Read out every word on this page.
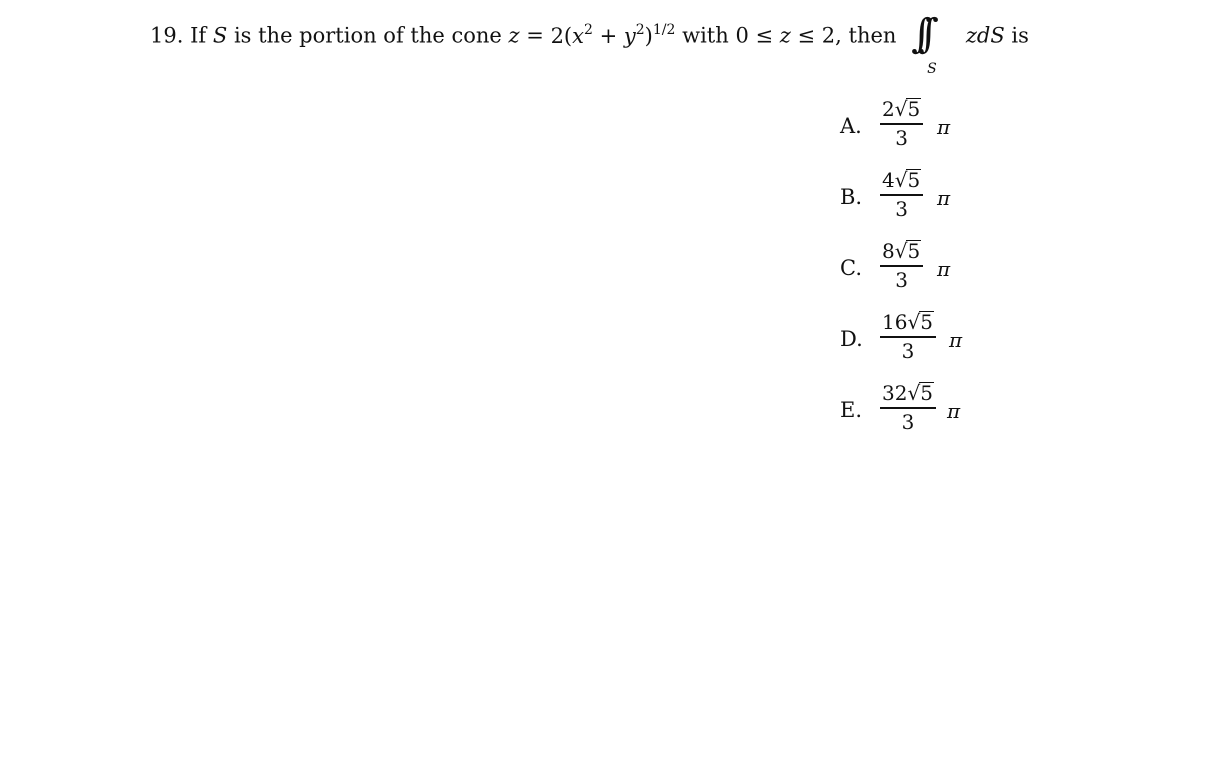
19. If S is the portion of the cone $z = 2(x^2 + y^2)^{1/2}$ with 0 ≤ z ≤ 2, then ∫∫
S
zdS is
A. $\frac{2√5}{3}$ π
B. $\frac{4√5}{3}$ π
C. $\frac{8√5}{3}$ π
D. $\frac{16√5}{3}$ π
E. $\frac{32√5}{3}$ π
